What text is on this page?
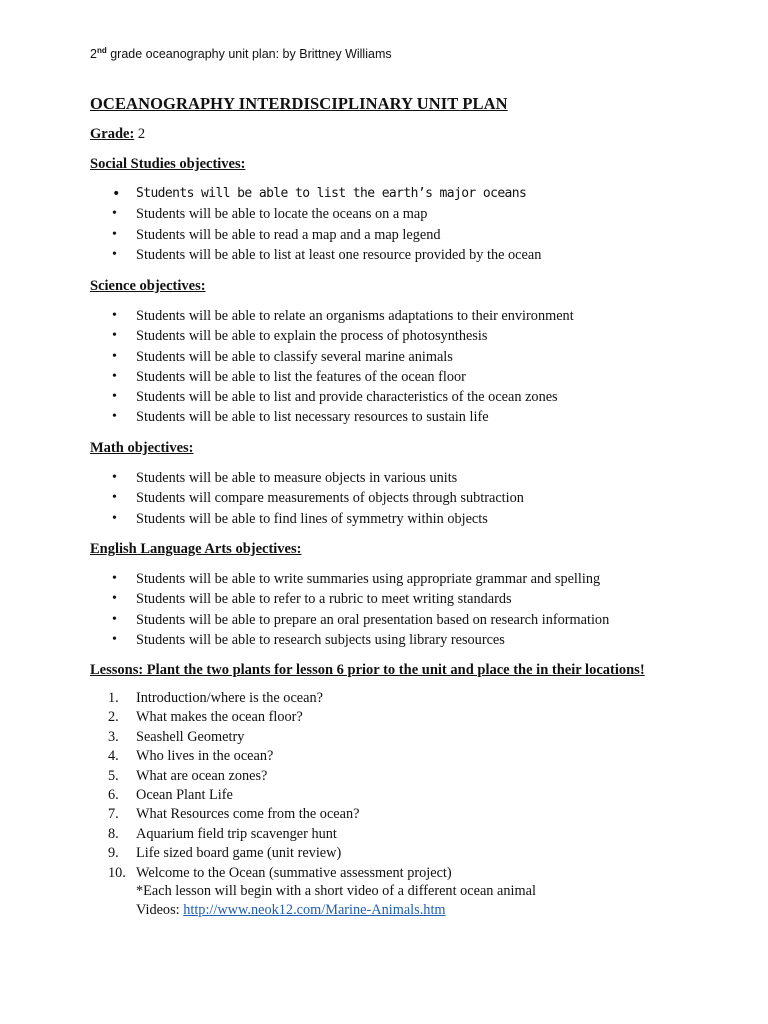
2nd grade oceanography unit plan: by Brittney Williams
OCEANOGRAPHY INTERDISCIPLINARY UNIT PLAN
Grade: 2
Social Studies objectives:
• Students will be able to list the earth’s major oceans
• Students will be able to locate the oceans on a map
• Students will be able to read a map and a map legend
• Students will be able to list at least one resource provided by the ocean
Science objectives:
• Students will be able to relate an organisms adaptations to their environment
• Students will be able to explain the process of photosynthesis
• Students will be able to classify several marine animals
• Students will be able to list the features of the ocean floor
• Students will be able to list and provide characteristics of the ocean zones
• Students will be able to list necessary resources to sustain life
Math objectives:
• Students will be able to measure objects in various units
• Students will compare measurements of objects through subtraction
• Students will be able to find lines of symmetry within objects
English Language Arts objectives:
• Students will be able to write summaries using appropriate grammar and spelling
• Students will be able to refer to a rubric to meet writing standards
• Students will be able to prepare an oral presentation based on research information
• Students will be able to research subjects using library resources
Lessons: Plant the two plants for lesson 6 prior to the unit and place the in their locations!
1. Introduction/where is the ocean?
2. What makes the ocean floor?
3. Seashell Geometry
4. Who lives in the ocean?
5. What are ocean zones?
6. Ocean Plant Life
7. What Resources come from the ocean?
8. Aquarium field trip scavenger hunt
9. Life sized board game (unit review)
10. Welcome to the Ocean (summative assessment project)
*Each lesson will begin with a short video of a different ocean animal
Videos: http://www.neok12.com/Marine-Animals.htm
